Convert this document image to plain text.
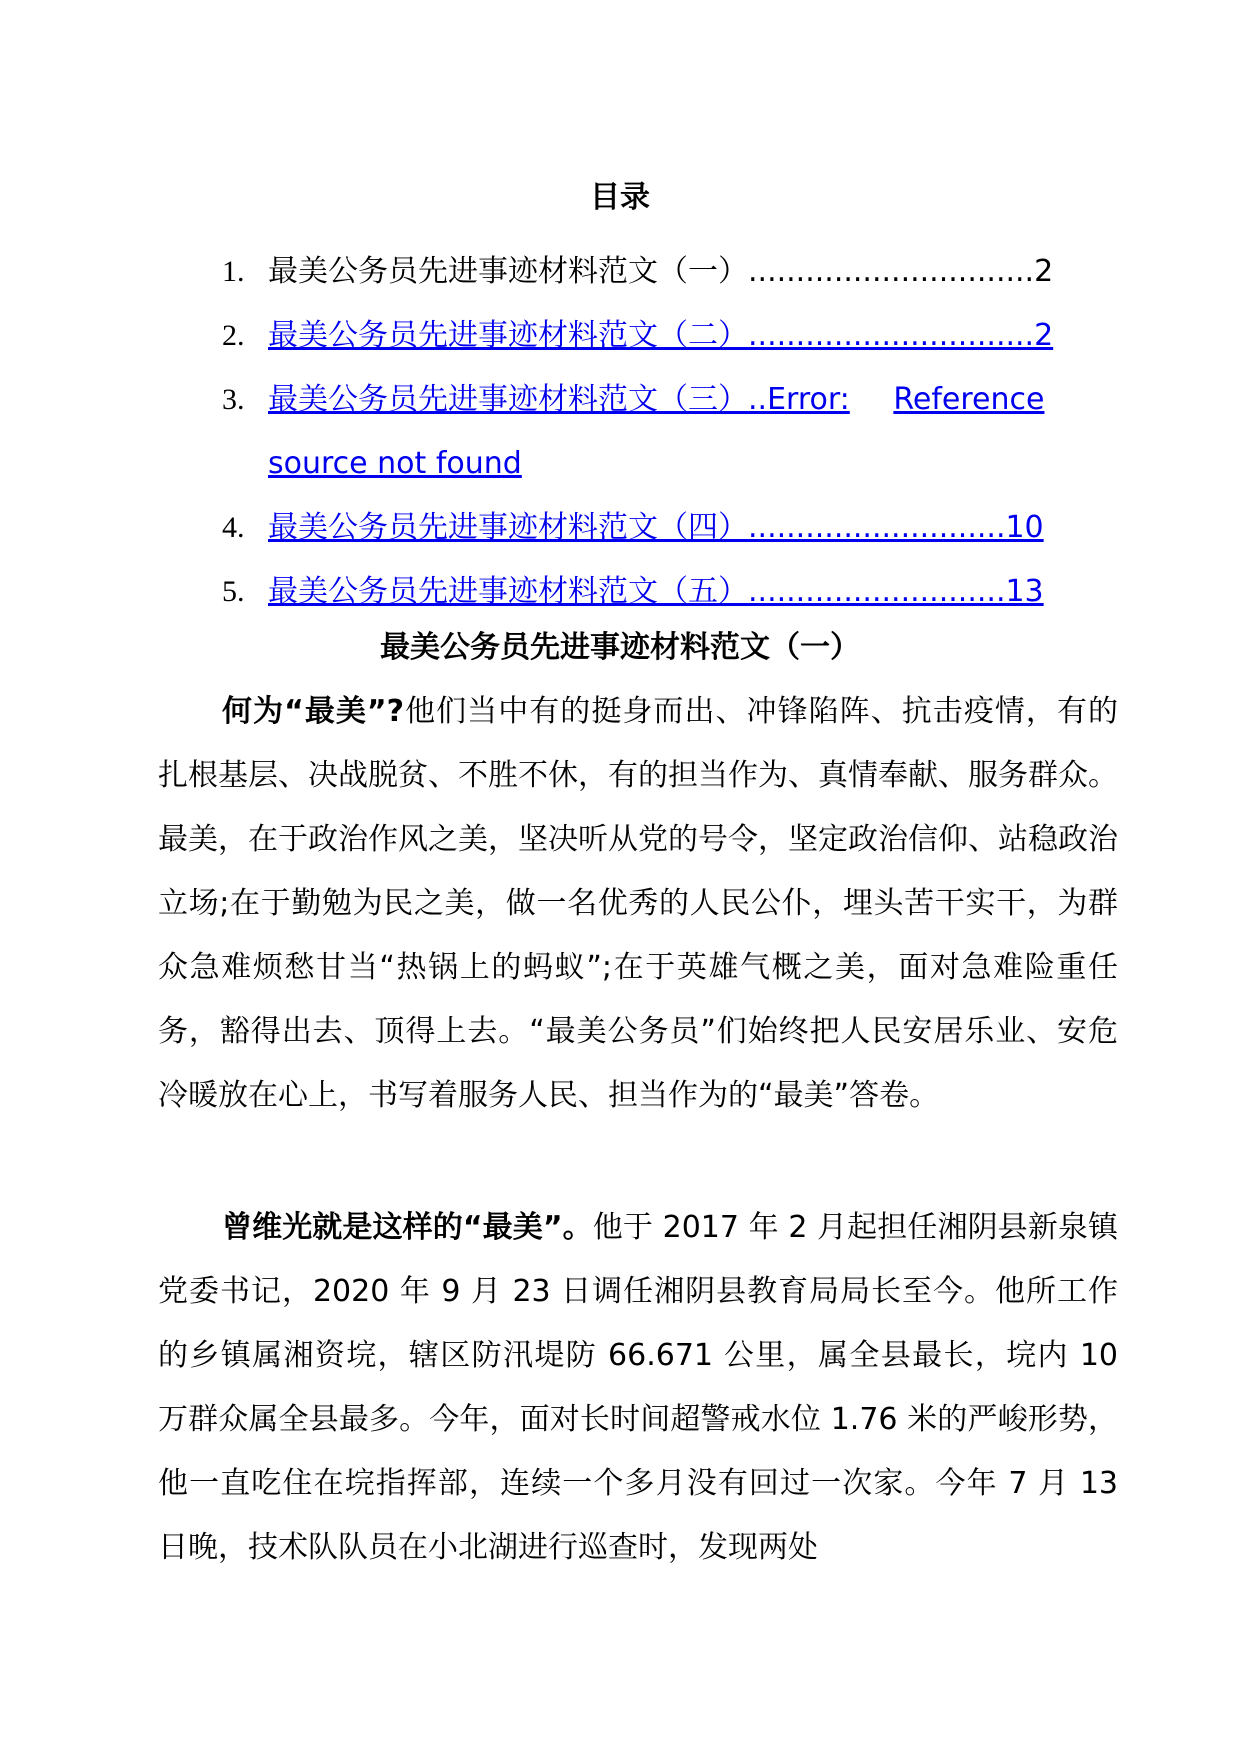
目录
1. 最美公务员先进事迹材料范文（一）..............................2
2. 最美公务员先进事迹材料范文（二）..............................2
3. 最美公务员先进事迹材料范文（三）..Error:	Reference
source not found
4. 最美公务员先进事迹材料范文（四）...........................10
5. 最美公务员先进事迹材料范文（五）...........................13
最美公务员先进事迹材料范文（一）

何为“最美”?他们当中有的挺身而出、冲锋陷阵、抗击疫情，有的扎根基层、决战脱贫、不胜不休，有的担当作为、真情奉献、服务群众。最美，在于政治作风之美，坚决听从党的号令，坚定政治信仰、站稳政治立场;在于勤勉为民之美，做一名优秀的人民公仆，埋头苦干实干，为群众急难烦愁甘当“热锅上的蚂蚁”;在于英雄气概之美，面对急难险重任务，豁得出去、顶得上去。“最美公务员”们始终把人民安居乐业、安危冷暖放在心上，书写着服务人民、担当作为的“最美”答卷。

曾维光就是这样的“最美”。他于 2017 年 2 月起担任湘阴县新泉镇党委书记，2020 年 9 月 23 日调任湘阴县教育局局长至今。他所工作的乡镇属湘资垸，辖区防汛堤防 66.671 公里，属全县最长，垸内 10 万群众属全县最多。今年，面对长时间超警戒水位 1.76 米的严峻形势，他一直吃住在垸指挥部，连续一个多月没有回过一次家。今年 7 月 13 日晚，技术队队员在小北湖进行巡查时，发现两处
